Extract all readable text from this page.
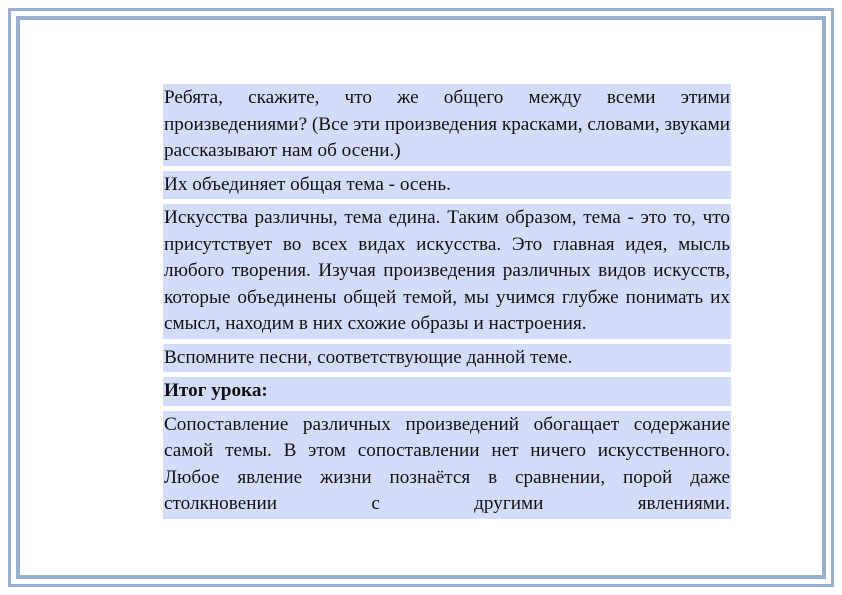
Ребята, скажите, что же общего между всеми этими произведениями? (Все эти произведения красками, словами, звуками рассказывают нам об осени.)

Их объединяет общая тема - осень.

Искусства различны, тема едина. Таким образом, тема - это то, что присутствует во всех видах искусства. Это главная идея, мысль любого творения. Изучая произведения различных видов искусств, которые объединены общей темой, мы учимся глубже понимать их смысл, находим в них схожие образы и настроения.

Вспомните песни, соответствующие данной теме.

Итог урока:

Сопоставление различных произведений обогащает содержание самой темы. В этом сопоставлении нет ничего искусственного. Любое явление жизни познаётся в сравнении, порой даже столкновении с другими явлениями.
